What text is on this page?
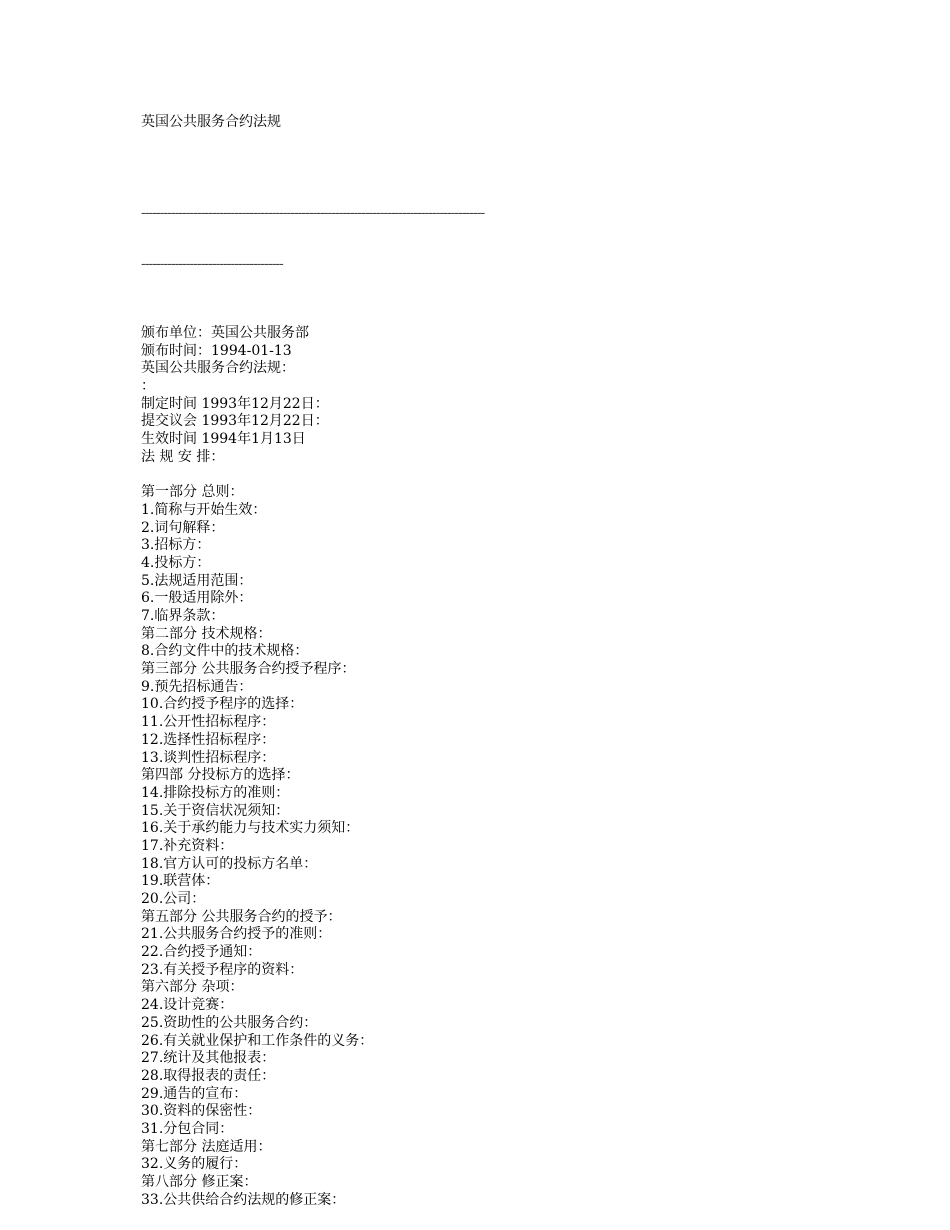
英国公共服务合约法规

--------------------------------------------------------------------------------------------

--------------------------------------

颁布单位：英国公共服务部
颁布时间：1994-01-13
英国公共服务合约法规：
：
制定时间 1993年12月22日：
提交议会 1993年12月22日：
生效时间 1994年1月13日
法 规 安 排：
第一部分 总则：
1.简称与开始生效：
2.词句解释：
3.招标方：
4.投标方：
5.法规适用范围：
6.一般适用除外：
7.临界条款：
第二部分 技术规格：
8.合约文件中的技术规格：
第三部分 公共服务合约授予程序：
9.预先招标通告：
10.合约授予程序的选择：
11.公开性招标程序：
12.选择性招标程序：
13.谈判性招标程序：
第四部 分投标方的选择：
14.排除投标方的准则：
15.关于资信状况须知：
16.关于承约能力与技术实力须知：
17.补充资料：
18.官方认可的投标方名单：
19.联营体：
20.公司：
第五部分 公共服务合约的授予：
21.公共服务合约授予的准则：
22.合约授予通知：
23.有关授予程序的资料：
第六部分 杂项：
24.设计竞赛：
25.资助性的公共服务合约：
26.有关就业保护和工作条件的义务：
27.统计及其他报表：
28.取得报表的责任：
29.通告的宣布：
30.资料的保密性：
31.分包合同：
第七部分 法庭适用：
32.义务的履行：
第八部分 修正案：
33.公共供给合约法规的修正案：
